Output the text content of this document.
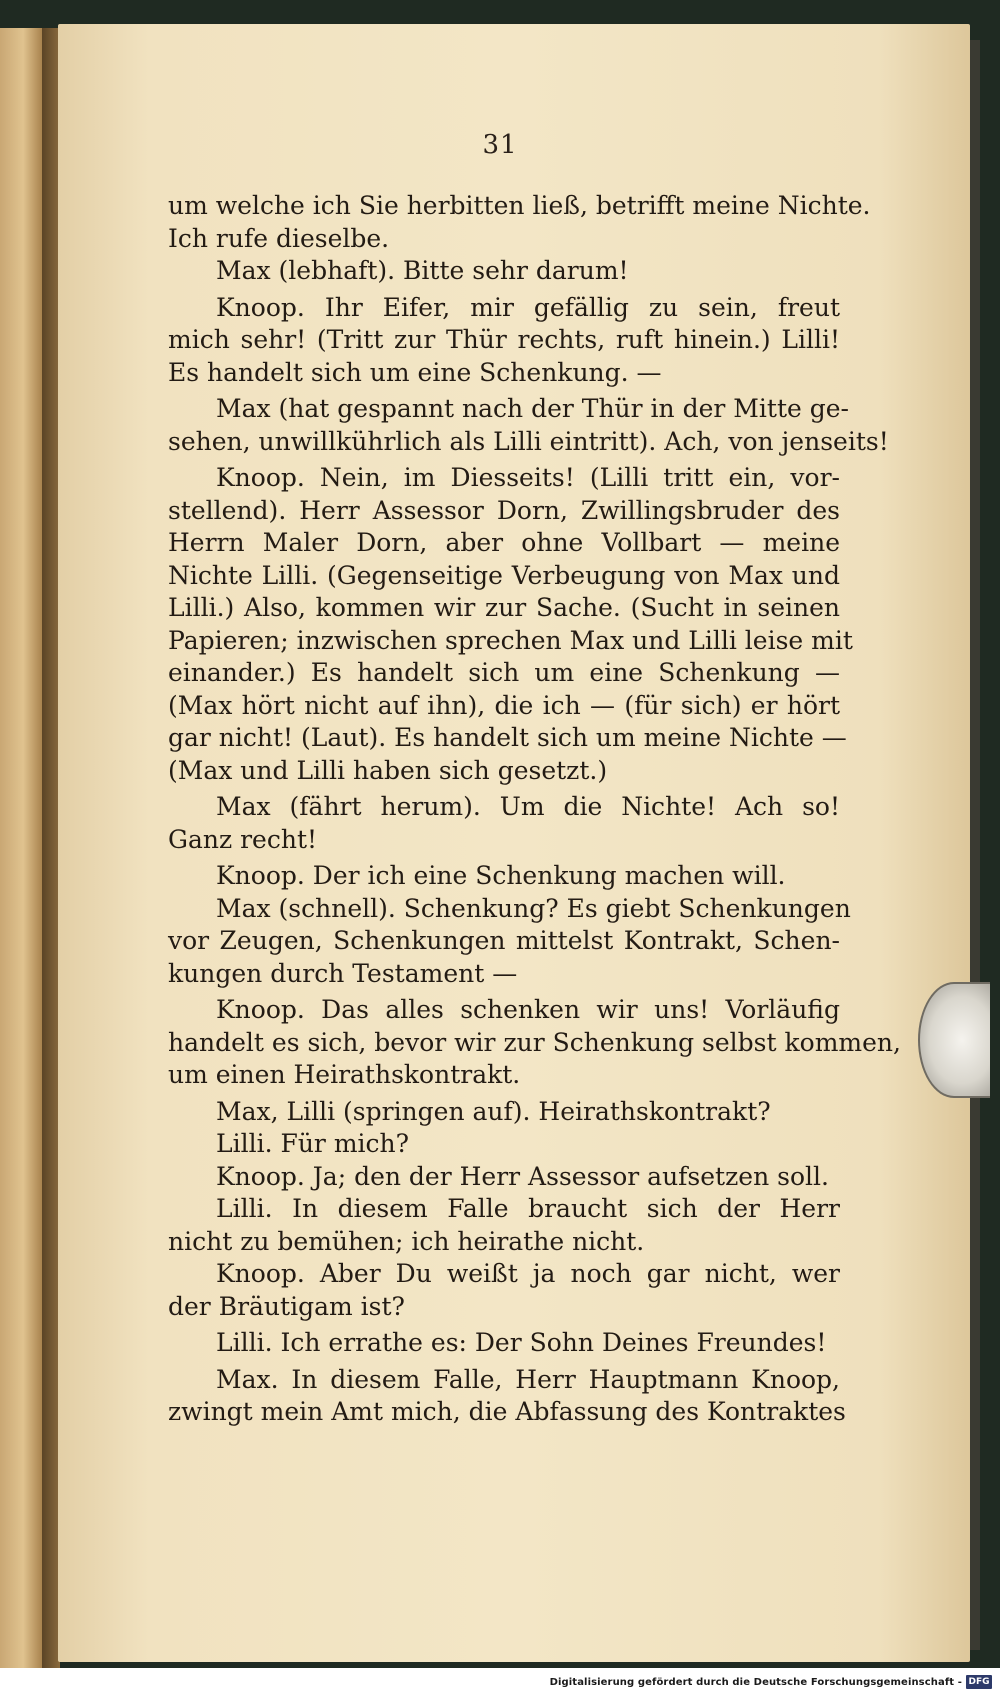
31
um welche ich Sie herbitten ließ, betrifft meine Nichte.
Ich rufe dieselbe.
Max (lebhaft). Bitte sehr darum!
Knoop. Ihr Eifer, mir gefällig zu sein, freut
mich sehr! (Tritt zur Thür rechts, ruft hinein.) Lilli!
Es handelt sich um eine Schenkung. —
Max (hat gespannt nach der Thür in der Mitte ge-
sehen, unwillkührlich als Lilli eintritt). Ach, von jenseits!
Knoop. Nein, im Diesseits! (Lilli tritt ein, vor-
stellend). Herr Assessor Dorn, Zwillingsbruder des
Herrn Maler Dorn, aber ohne Vollbart — meine
Nichte Lilli. (Gegenseitige Verbeugung von Max und
Lilli.) Also, kommen wir zur Sache. (Sucht in seinen
Papieren; inzwischen sprechen Max und Lilli leise mit
einander.) Es handelt sich um eine Schenkung —
(Max hört nicht auf ihn), die ich — (für sich) er hört
gar nicht! (Laut). Es handelt sich um meine Nichte —
(Max und Lilli haben sich gesetzt.)
Max (fährt herum). Um die Nichte! Ach so!
Ganz recht!
Knoop. Der ich eine Schenkung machen will.
Max (schnell). Schenkung? Es giebt Schenkungen
vor Zeugen, Schenkungen mittelst Kontrakt, Schen-
kungen durch Testament —
Knoop. Das alles schenken wir uns! Vorläufig
handelt es sich, bevor wir zur Schenkung selbst kommen,
um einen Heirathskontrakt.
Max, Lilli (springen auf). Heirathskontrakt?
Lilli. Für mich?
Knoop. Ja; den der Herr Assessor aufsetzen soll.
Lilli. In diesem Falle braucht sich der Herr
nicht zu bemühen; ich heirathe nicht.
Knoop. Aber Du weißt ja noch gar nicht, wer
der Bräutigam ist?
Lilli. Ich errathe es: Der Sohn Deines Freundes!
Max. In diesem Falle, Herr Hauptmann Knoop,
zwingt mein Amt mich, die Abfassung des Kontraktes
Digitalisierung gefördert durch die Deutsche Forschungsgemeinschaft - DFG
